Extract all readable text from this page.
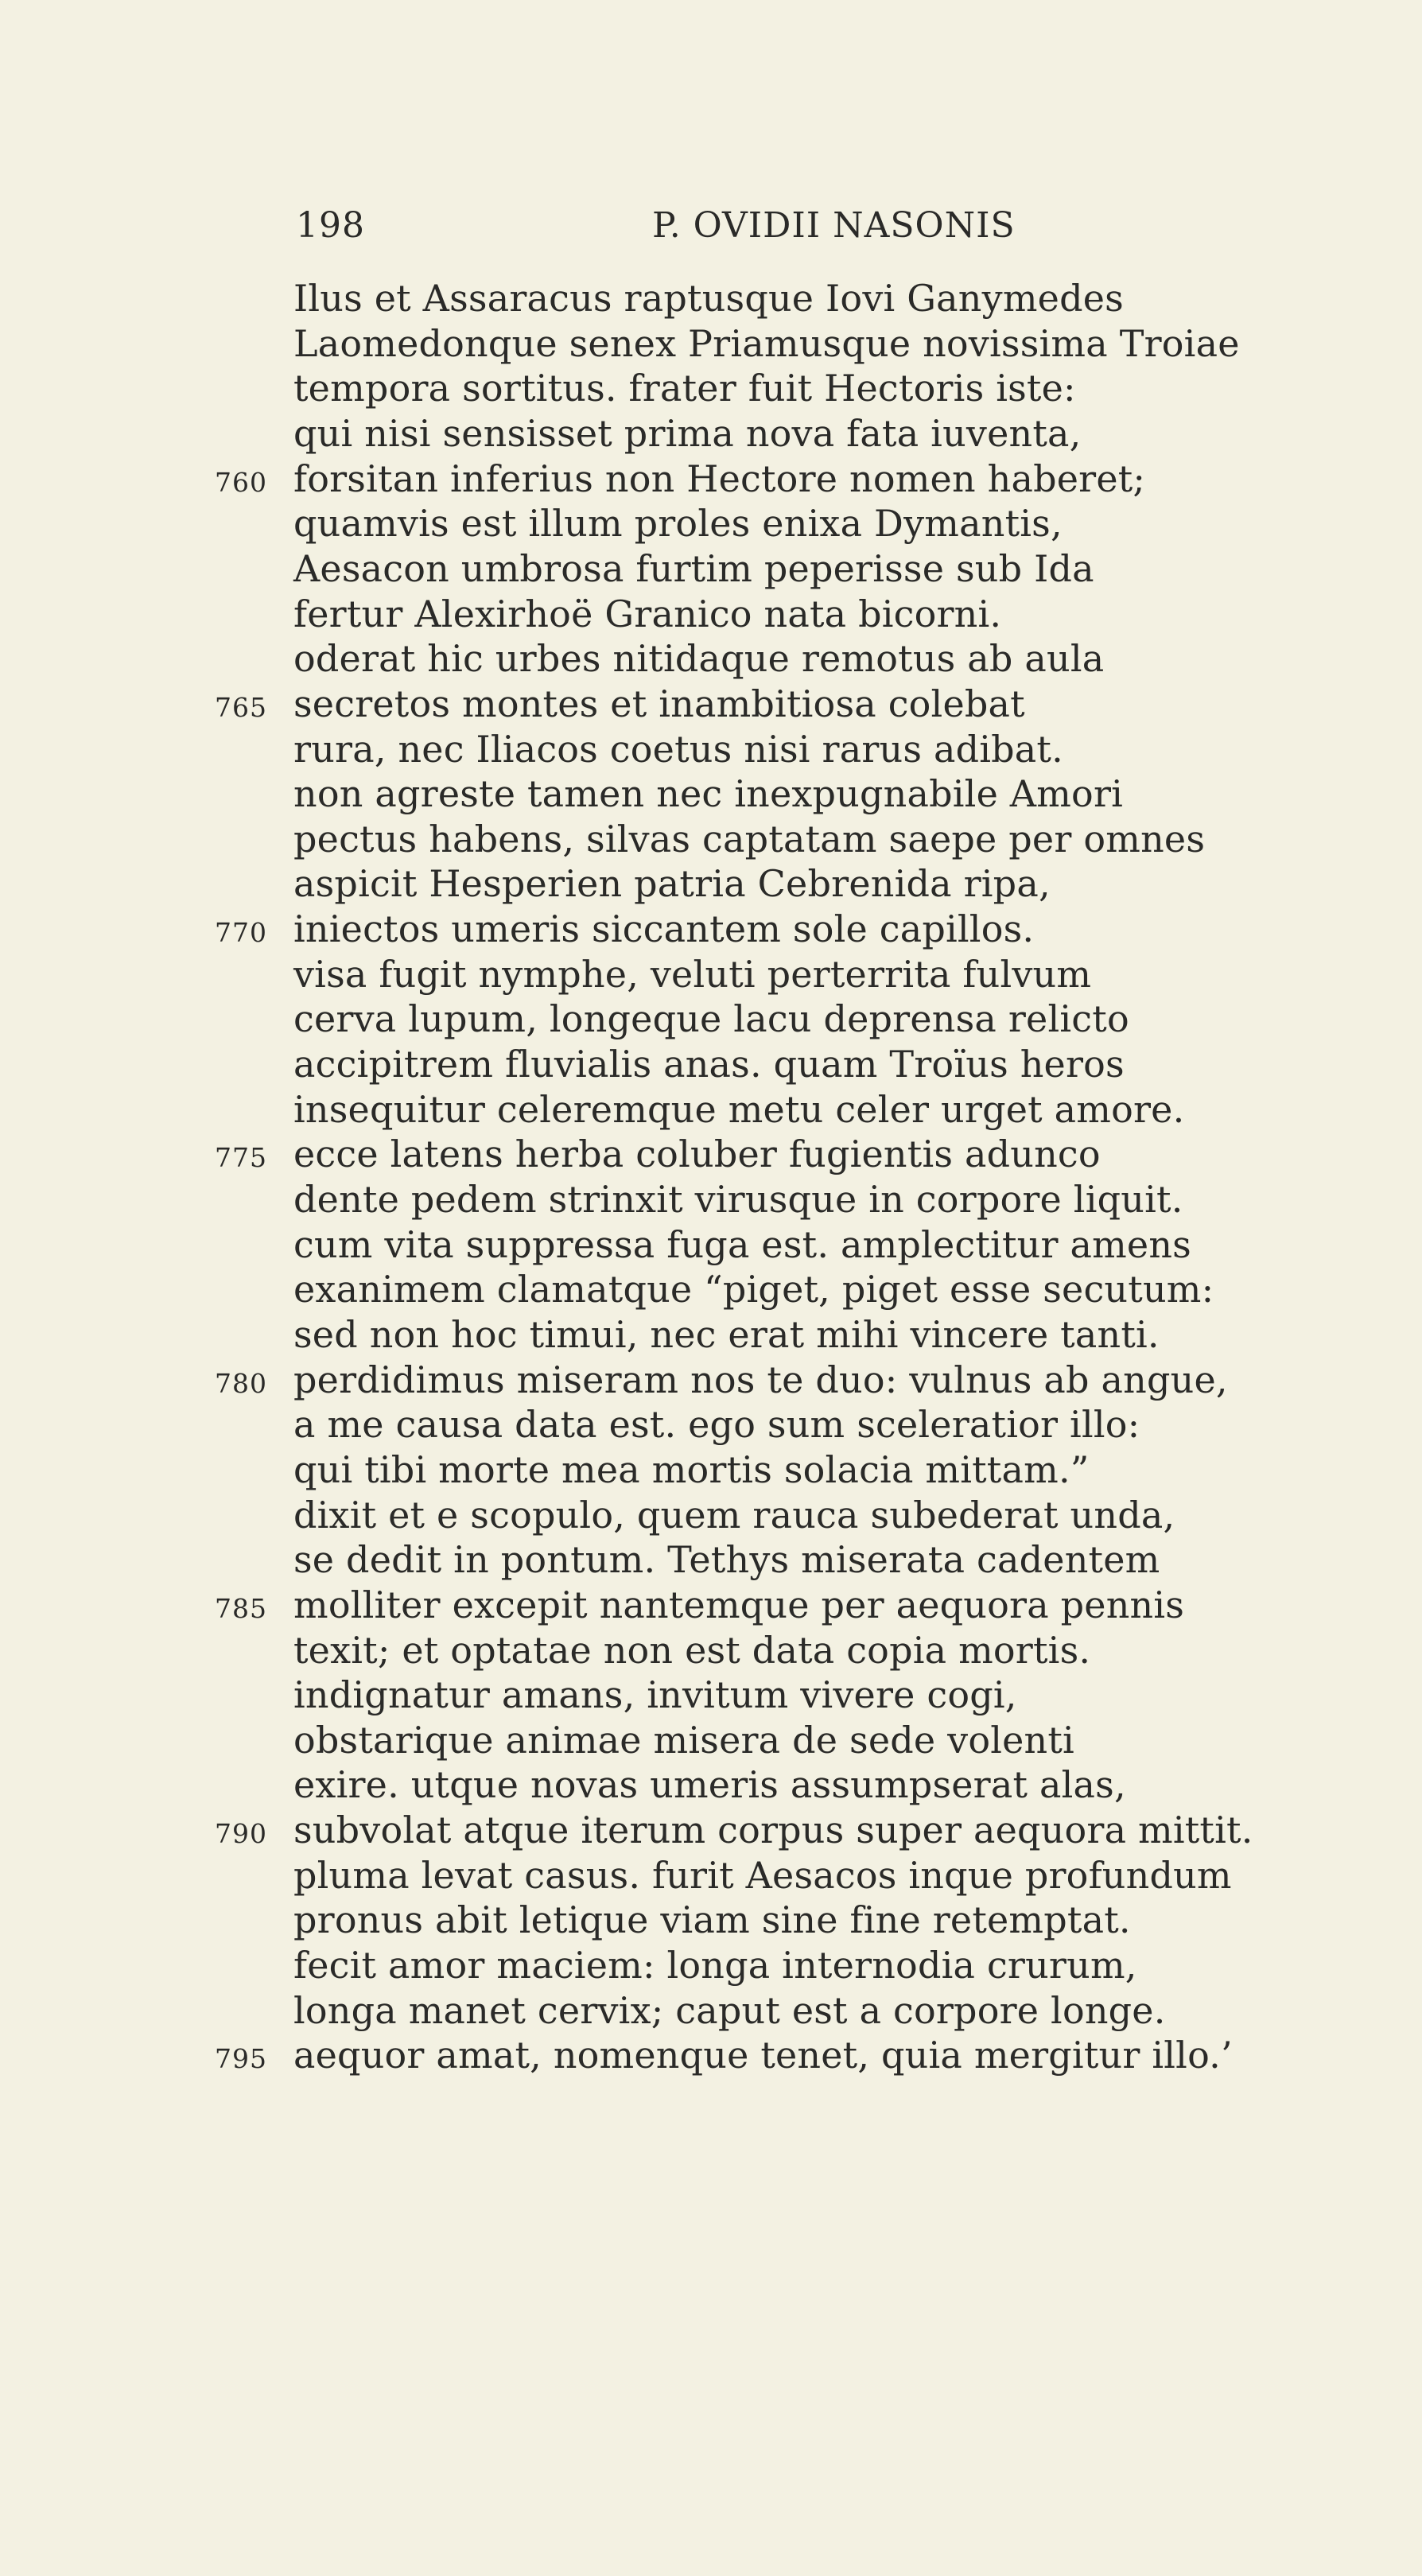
198	P. OVIDII NASONIS
Ilus et Assaracus raptusque Iovi Ganymedes
Laomedonque senex Priamusque novissima Troiae
tempora sortitus. frater fuit Hectoris iste:
qui nisi sensisset prima nova fata iuventa,
760 forsitan inferius non Hectore nomen haberet;
quamvis est illum proles enixa Dymantis,
Aesacon umbrosa furtim peperisse sub Ida
fertur Alexirhoë Granico nata bicorni.
oderat hic urbes nitidaque remotus ab aula
765 secretos montes et inambitiosa colebat
rura, nec Iliacos coetus nisi rarus adibat.
non agreste tamen nec inexpugnabile Amori
pectus habens, silvas captatam saepe per omnes
aspicit Hesperien patria Cebrenida ripa,
770 iniectos umeris siccantem sole capillos.
visa fugit nymphe, veluti perterrita fulvum
cerva lupum, longeque lacu deprensa relicto
accipitrem fluvialis anas. quam Troïus heros
insequitur celeremque metu celer urget amore.
775 ecce latens herba coluber fugientis adunco
dente pedem strinxit virusque in corpore liquit.
cum vita suppressa fuga est. amplectitur amens
exanimem clamatque “piget, piget esse secutum:
sed non hoc timui, nec erat mihi vincere tanti.
780 perdidimus miseram nos te duo: vulnus ab angue,
a me causa data est. ego sum sceleratior illo:
qui tibi morte mea mortis solacia mittam.”
dixit et e scopulo, quem rauca subederat unda,
se dedit in pontum. Tethys miserata cadentem
785 molliter excepit nantemque per aequora pennis
texit; et optatae non est data copia mortis.
indignatur amans, invitum vivere cogi,
obstarique animae misera de sede volenti
exire. utque novas umeris assumpserat alas,
790 subvolat atque iterum corpus super aequora mittit.
pluma levat casus. furit Aesacos inque profundum
pronus abit letique viam sine fine retemptat.
fecit amor maciem: longa internodia crurum,
longa manet cervix; caput est a corpore longe.
795 aequor amat, nomenque tenet, quia mergitur illo.’
